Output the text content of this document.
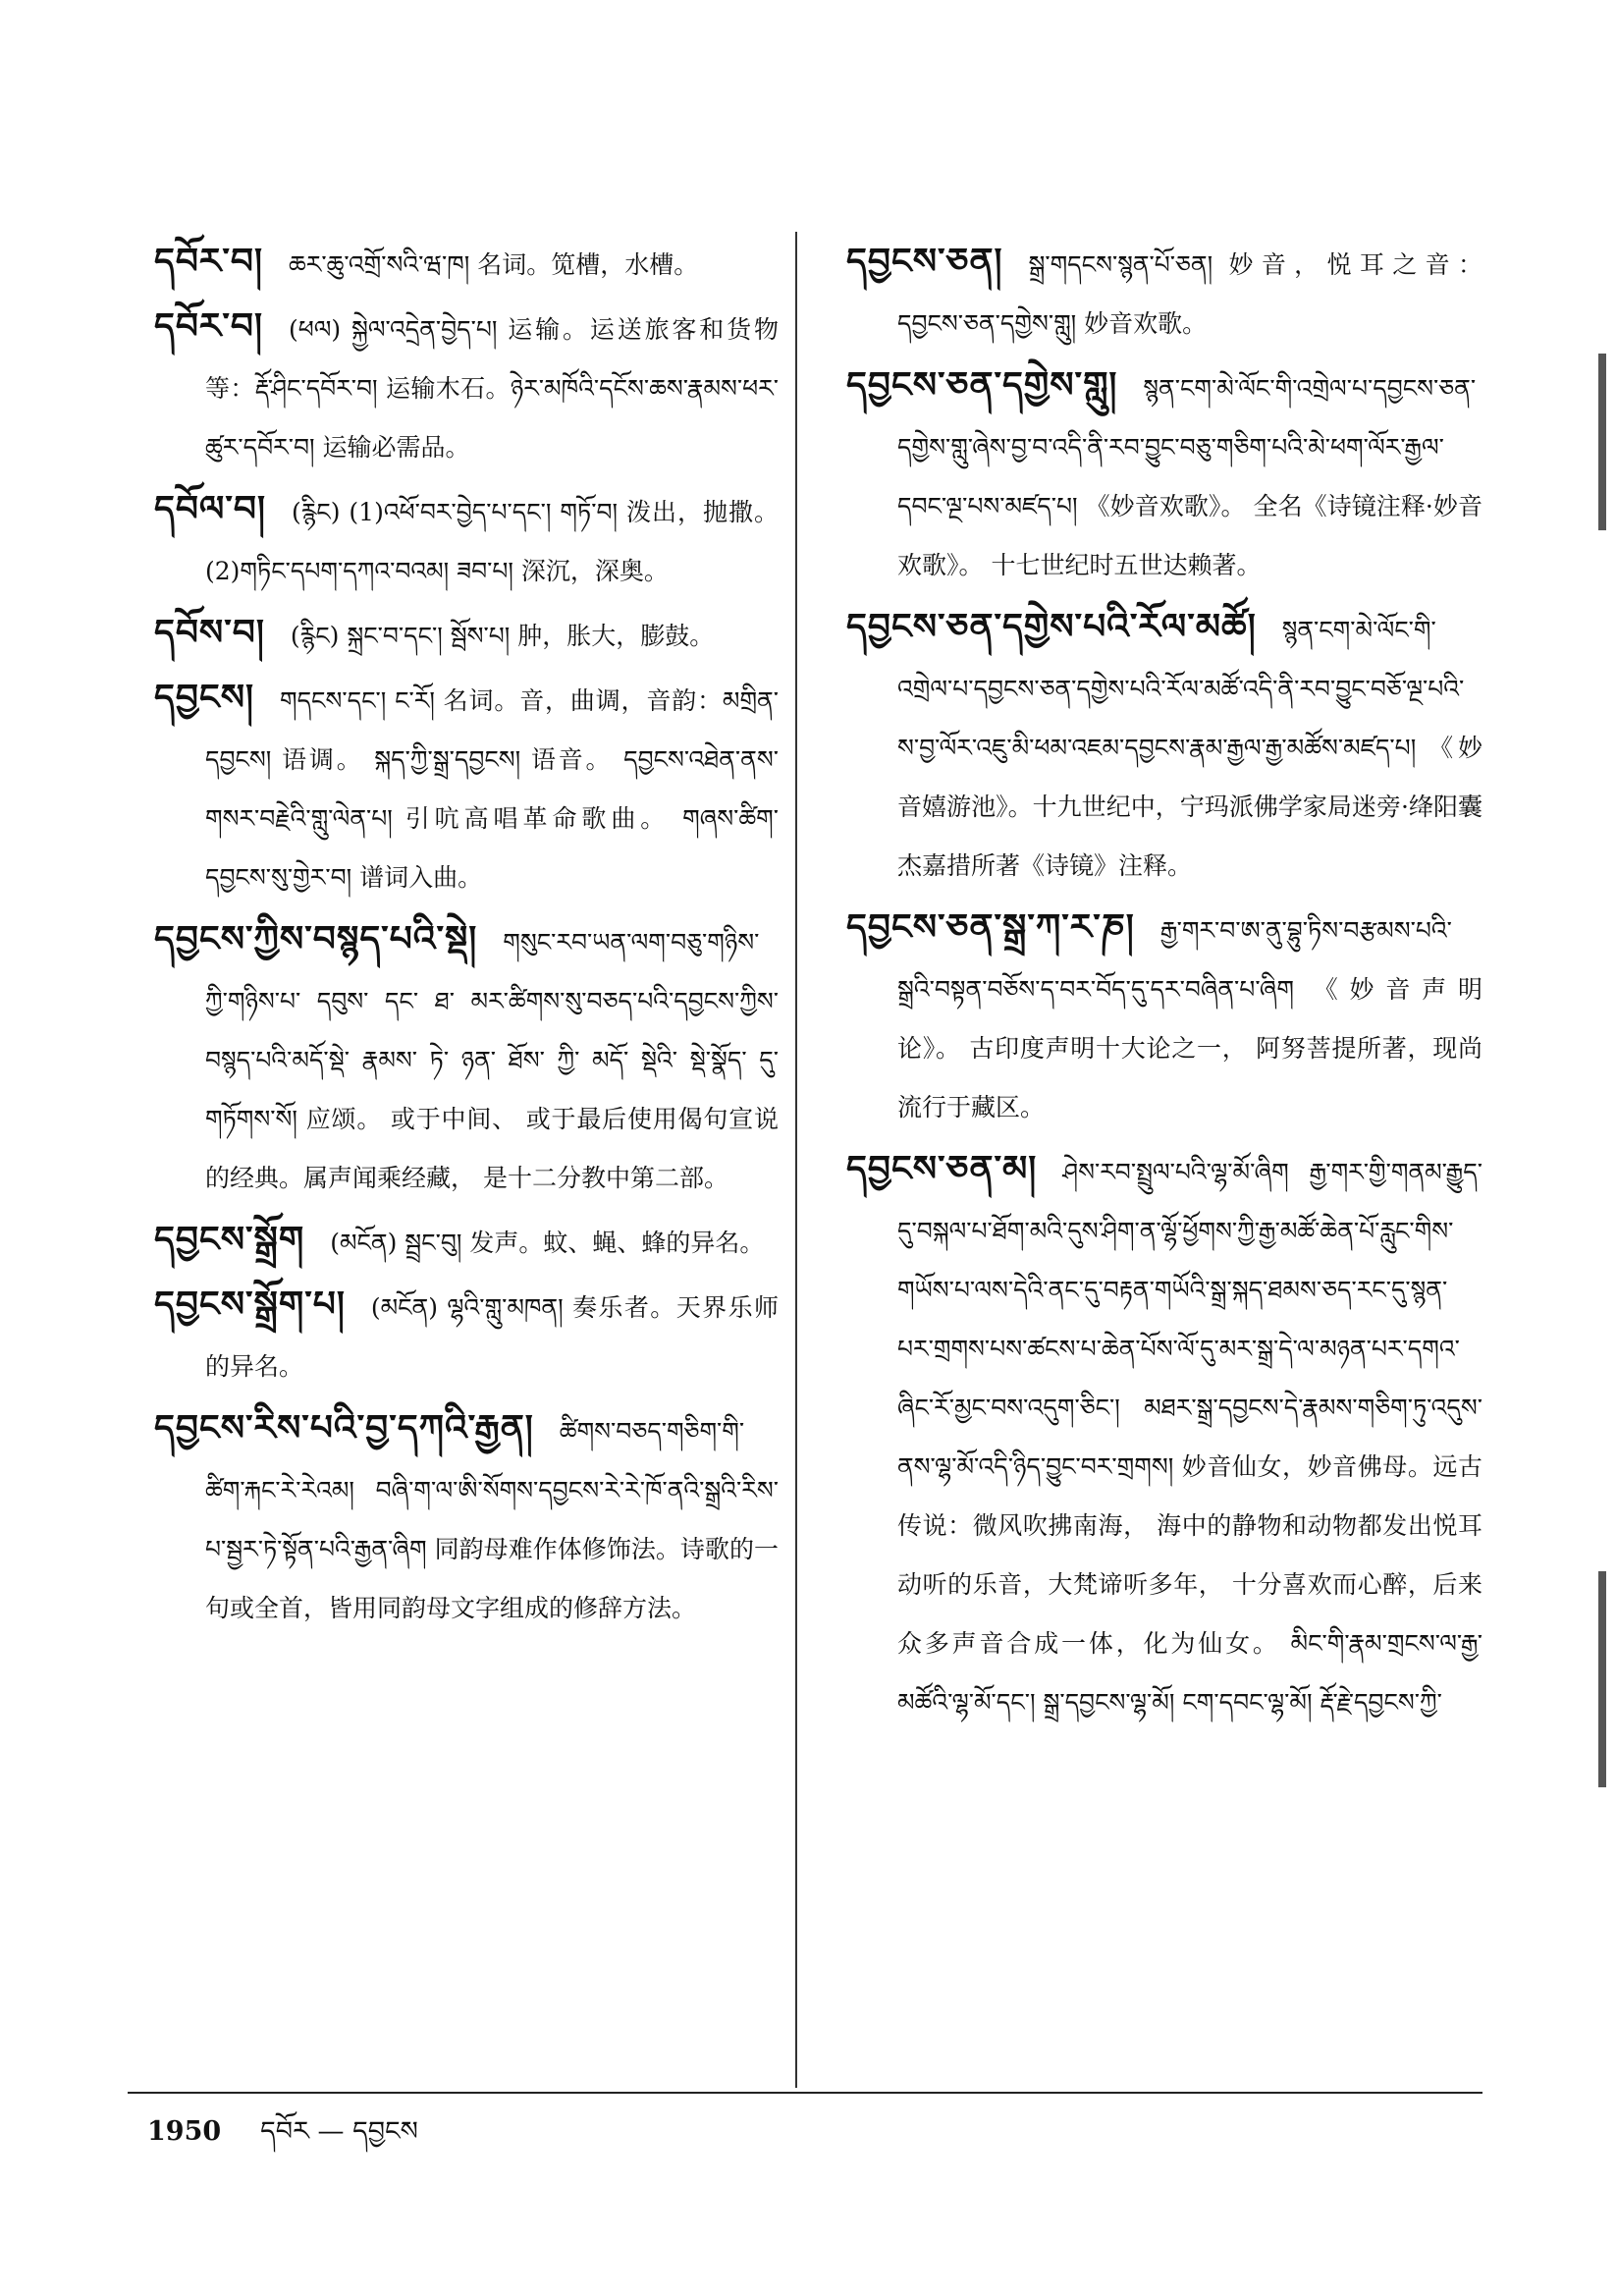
དབོར་བ། ཆར་ཆུ་འགྲོ་སའི་ཝ་ཁ། 名词。笕槽，水槽。

དབོར་བ། (ཕལ) སྐྱེལ་འདྲེན་བྱེད་པ། 运输。运送旅客和货物等：རྡོ་ཤིང་དབོར་བ། 运输木石。ཉེར་མཁོའི་དངོས་ཆས་རྣམས་ཕར་ཚུར་དབོར་བ། 运输必需品。

དབོལ་བ། (རྙིང) (1)འཕོ་བར་བྱེད་པ་དང་། གཏོ་བ། 泼出，抛撒。(2)གཏིང་དཔག་དཀའ་བའམ། ཟབ་པ། 深沉，深奥。

དབོས་བ། (རྙིང) སྐྲང་བ་དང་། སྦོས་པ། 肿，胀大，膨鼓。

དབྱངས། གདངས་དང་། ང་རོ། 名词。音，曲调，音韵：མགྲིན་དབྱངས། 语调。 སྐད་ཀྱི་སྒྲ་དབྱངས། 语音。 དབྱངས་འཐེན་ནས་གསར་བརྗེའི་གླུ་ལེན་པ། 引吭高唱革命歌曲。 གཞས་ཚིག་དབྱངས་སུ་གྱེར་བ། 谱词入曲。

དབྱངས་ཀྱིས་བསྙད་པའི་སྡེ། གསུང་རབ་ཡན་ལག་བཅུ་གཉིས་ཀྱི་གཉིས་པ་ དབུས་ དང་ ཐ་ མར་ཚིགས་སུ་བཅད་པའི་དབྱངས་ཀྱིས་བསྙད་པའི་མདོ་སྡེ་ རྣམས་ ཏེ་ ཉན་ ཐོས་ ཀྱི་ མདོ་ སྡེའི་ སྡེ་སྣོད་ དུ་གཏོགས་སོ། 应颂。 或于中间、 或于最后使用偈句宣说的经典。属声闻乘经藏， 是十二分教中第二部。

དབྱངས་སྒྲོག (མངོན) སྦྲང་བུ། 发声。蚊、蝇、蜂的异名。

དབྱངས་སྒྲོག་པ། (མངོན) ལྷའི་གླུ་མཁན། 奏乐者。天界乐师的异名。

དབྱངས་རིས་པའི་བྱ་དཀའི་རྒྱན། ཚིགས་བཅད་གཅིག་གི་ཚིག་རྐང་རེ་རེའམ། བཞི་ག་ལ་ཨི་སོགས་དབྱངས་རེ་རེ་ཁོ་ནའི་སྒྲའི་རིས་པ་སྦྱར་ཏེ་སྟོན་པའི་རྒྱན་ཞིག 同韵母难作体修饰法。诗歌的一句或全首，皆用同韵母文字组成的修辞方法。

དབྱངས་ཅན། སྒྲ་གདངས་སྙན་པོ་ཅན། 妙音，悦耳之音：དབྱངས་ཅན་དགྱེས་གླུ། 妙音欢歌。

དབྱངས་ཅན་དགྱེས་གླུ། སྙན་ངག་མེ་ལོང་གི་འགྲེལ་པ་དབྱངས་ཅན་དགྱེས་གླུ་ཞེས་བྱ་བ་འདི་ནི་རབ་བྱུང་བཅུ་གཅིག་པའི་མེ་ཕག་ལོར་རྒྱལ་དབང་ལྔ་པས་མཛད་པ། 《妙音欢歌》。 全名《诗镜注释·妙音欢歌》。 十七世纪时五世达赖著。

དབྱངས་ཅན་དགྱེས་པའི་རོལ་མཚོ། སྙན་ངག་མེ་ལོང་གི་འགྲེལ་པ་དབྱངས་ཅན་དགྱེས་པའི་རོལ་མཚོ་འདི་ནི་རབ་བྱུང་བཅོ་ལྔ་པའི་ས་བྱ་ལོར་འཇུ་མི་ཕམ་འཇམ་དབྱངས་རྣམ་རྒྱལ་རྒྱ་མཚོས་མཛད་པ། 《妙音嬉游池》。十九世纪中，宁玛派佛学家局迷旁·绛阳囊杰嘉措所著《诗镜》注释。

དབྱངས་ཅན་སྒྲ་ཀ་ར་ཎ། རྒྱ་གར་བ་ཨ་ནུ་བྷུ་ཏིས་བརྩམས་པའི་སྒྲའི་བསྟན་བཅོས་ད་བར་བོད་དུ་དར་བཞིན་པ་ཞིག 《妙音声明论》。 古印度声明十大论之一， 阿努菩提所著，现尚流行于藏区。

དབྱངས་ཅན་མ། ཤེས་རབ་སྤྲུལ་པའི་ལྷ་མོ་ཞིག རྒྱ་གར་གྱི་གནམ་རྒྱུད་དུ་བསྐལ་པ་ཐོག་མའི་དུས་ཤིག་ན་ལྷོ་ཕྱོགས་ཀྱི་རྒྱ་མཚོ་ཆེན་པོ་རླུང་གིས་གཡོས་པ་ལས་དེའི་ནང་དུ་བརྟན་གཡོའི་སྒྲ་སྐད་ཐམས་ཅད་རང་དུ་སྙན་པར་གྲགས་པས་ཚངས་པ་ཆེན་པོས་ལོ་དུ་མར་སྒྲ་དེ་ལ་མཉན་པར་དགའ་ཞིང་རོ་མྱང་བས་འདུག་ཅིང་། མཐར་སྒྲ་དབྱངས་དེ་རྣམས་གཅིག་ཏུ་འདུས་ནས་ལྷ་མོ་འདི་ཉིད་བྱུང་བར་གྲགས། 妙音仙女，妙音佛母。远古传说：微风吹拂南海， 海中的静物和动物都发出悦耳动听的乐音，大梵谛听多年， 十分喜欢而心醉，后来众多声音合成一体，化为仙女。 མིང་གི་རྣམ་གྲངས་ལ་རྒྱ་མཚོའི་ལྷ་མོ་དང་། སྒྲ་དབྱངས་ལྷ་མོ། ངག་དབང་ལྷ་མོ། རྡོ་རྗེ་དབྱངས་ཀྱི་

1950 དབོར — དབྱངས
